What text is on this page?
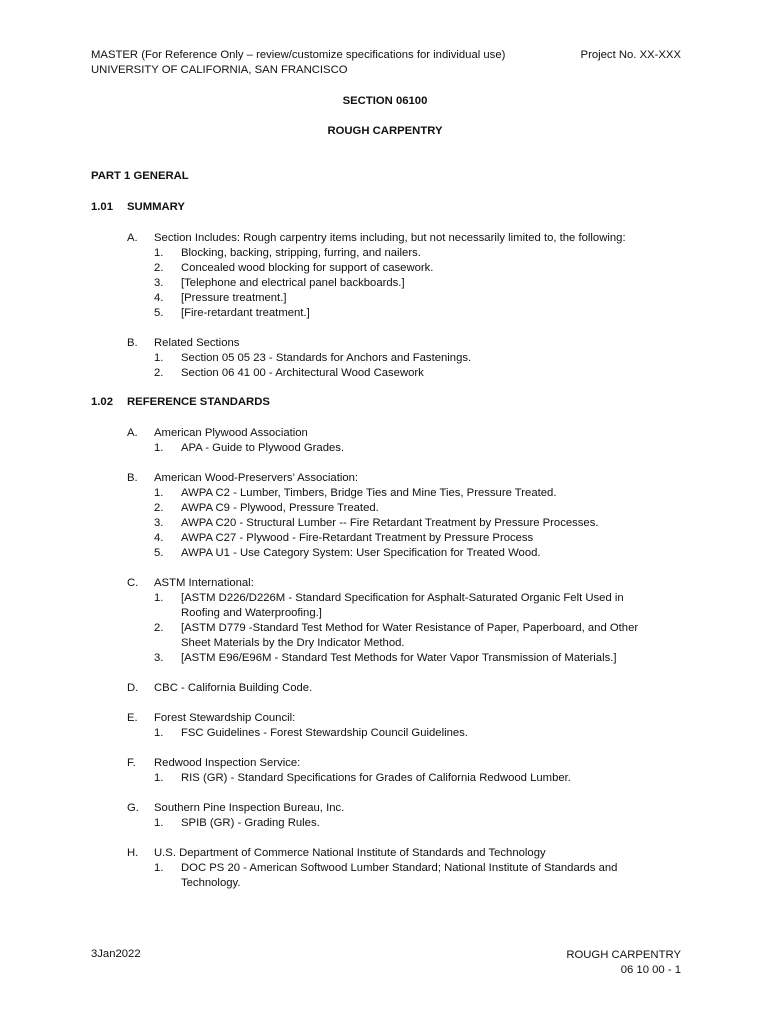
MASTER (For Reference Only – review/customize specifications for individual use)
UNIVERSITY OF CALIFORNIA, SAN FRANCISCO
Project No. XX-XXX
SECTION 06100
ROUGH CARPENTRY
PART 1 GENERAL
1.01 SUMMARY
A. Section Includes: Rough carpentry items including, but not necessarily limited to, the following:
1. Blocking, backing, stripping, furring, and nailers.
2. Concealed wood blocking for support of casework.
3. [Telephone and electrical panel backboards.]
4. [Pressure treatment.]
5. [Fire-retardant treatment.]
B. Related Sections
1. Section 05 05 23 - Standards for Anchors and Fastenings.
2. Section 06 41 00 - Architectural Wood Casework
1.02 REFERENCE STANDARDS
A. American Plywood Association
1. APA - Guide to Plywood Grades.
B. American Wood-Preservers’ Association:
1. AWPA C2 - Lumber, Timbers, Bridge Ties and Mine Ties, Pressure Treated.
2. AWPA C9 - Plywood, Pressure Treated.
3. AWPA C20 - Structural Lumber -- Fire Retardant Treatment by Pressure Processes.
4. AWPA C27 - Plywood - Fire-Retardant Treatment by Pressure Process
5. AWPA U1 - Use Category System: User Specification for Treated Wood.
C. ASTM International:
1. [ASTM D226/D226M - Standard Specification for Asphalt-Saturated Organic Felt Used in Roofing and Waterproofing.]
2. [ASTM D779 -Standard Test Method for Water Resistance of Paper, Paperboard, and Other Sheet Materials by the Dry Indicator Method.
3. [ASTM E96/E96M - Standard Test Methods for Water Vapor Transmission of Materials.]
D. CBC - California Building Code.
E. Forest Stewardship Council:
1. FSC Guidelines - Forest Stewardship Council Guidelines.
F. Redwood Inspection Service:
1. RIS (GR) - Standard Specifications for Grades of California Redwood Lumber.
G. Southern Pine Inspection Bureau, Inc.
1. SPIB (GR) - Grading Rules.
H. U.S. Department of Commerce National Institute of Standards and Technology
1. DOC PS 20 - American Softwood Lumber Standard; National Institute of Standards and Technology.
3Jan2022	ROUGH CARPENTRY
06 10 00 - 1
